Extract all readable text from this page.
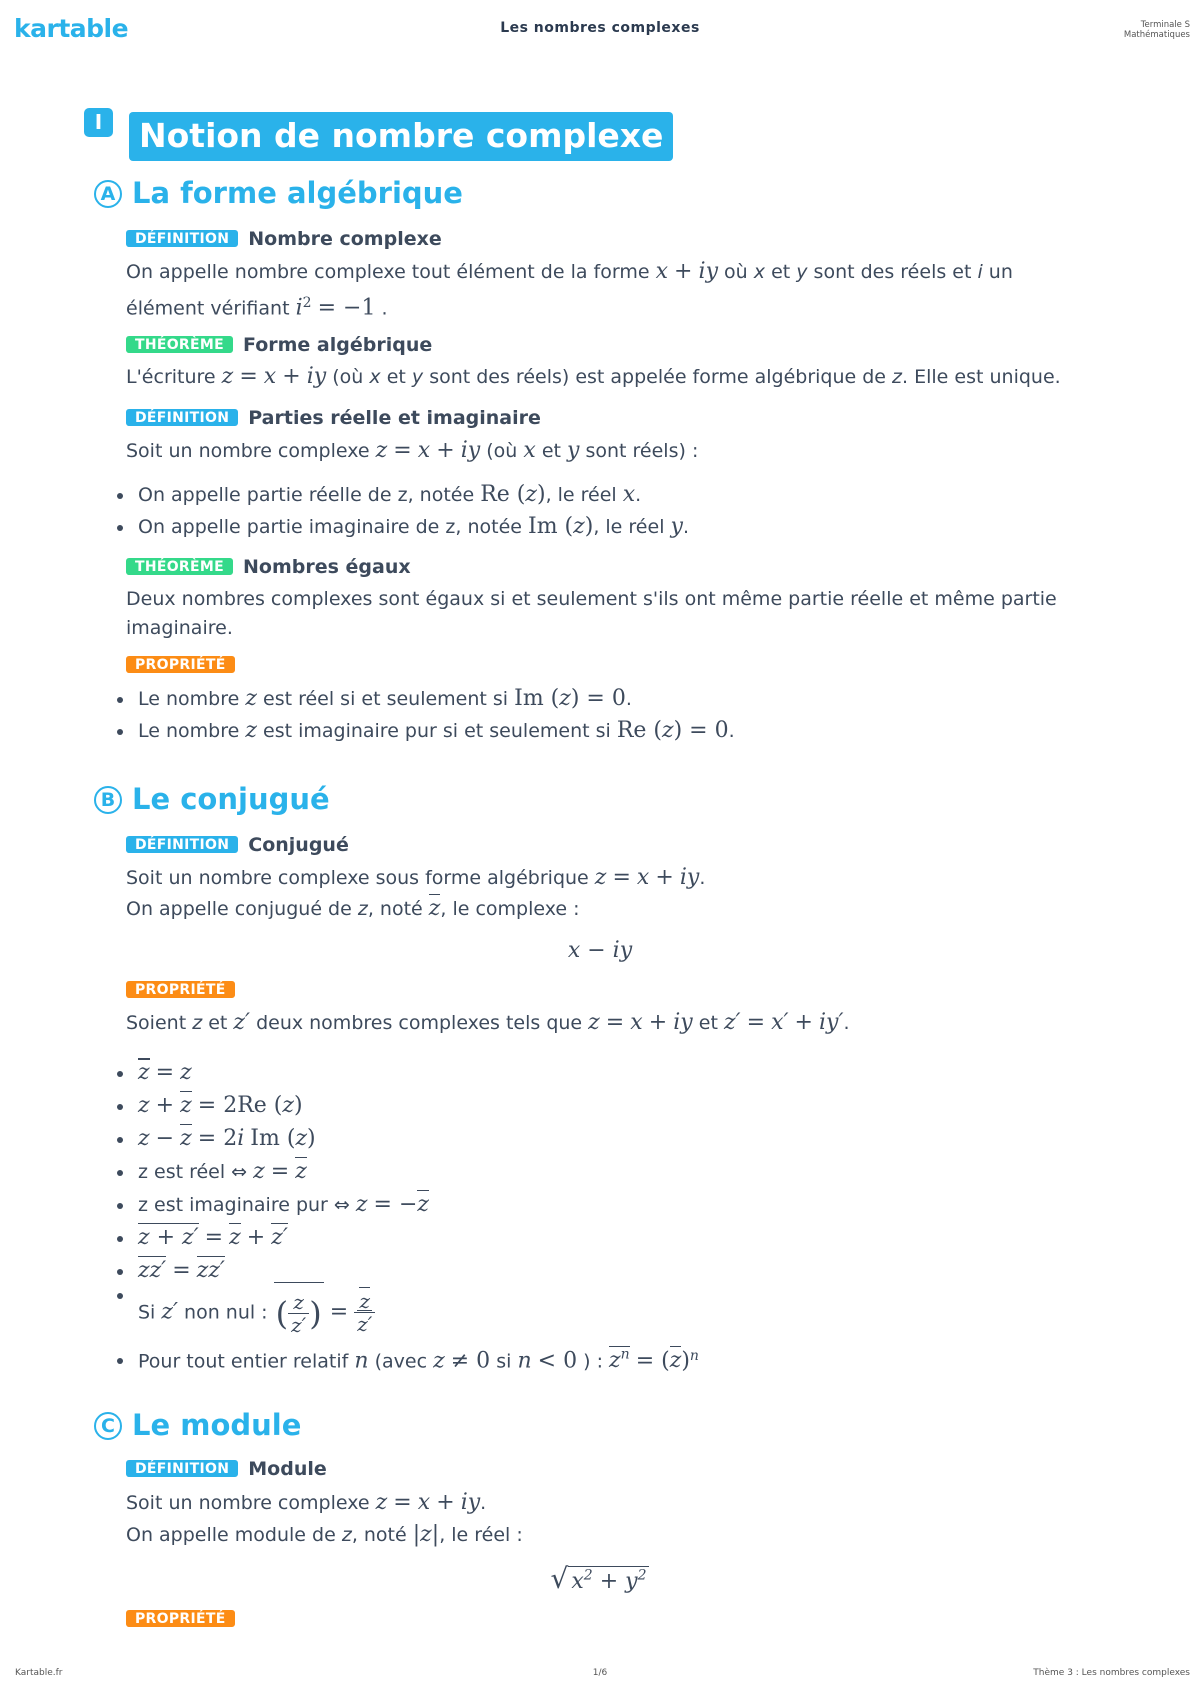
kartable	Les nombres complexes	Terminale S
Mathématiques
I	Notion de nombre complexe
A La forme algébrique
DÉFINITION Nombre complexe
On appelle nombre complexe tout élément de la forme x + iy où x et y sont des réels et i un
élément vérifiant $i^2 = -1$ .
THÉORÈME Forme algébrique
L'écriture z = x + iy (où x et y sont des réels) est appelée forme algébrique de z. Elle est unique.
DÉFINITION Parties réelle et imaginaire
Soit un nombre complexe z = x + iy (où x et y sont réels) :
On appelle partie réelle de z, notée Re (z), le réel x.
On appelle partie imaginaire de z, notée Im (z), le réel y.
THÉORÈME Nombres égaux
Deux nombres complexes sont égaux si et seulement s'ils ont même partie réelle et même partie
imaginaire.
PROPRIÉTÉ
Le nombre z est réel si et seulement si Im (z) = 0.
Le nombre z est imaginaire pur si et seulement si Re (z) = 0.
B Le conjugué
DÉFINITION Conjugué
Soit un nombre complexe sous forme algébrique z = x + iy.
On appelle conjugué de z, noté z, le complexe :
x − iy
PROPRIÉTÉ
Soient z et z′ deux nombres complexes tels que z = x + iy et z′ = x′ + iy′.
z = z
z + z = 2Re (z)
z − z = 2i Im (z)
z est réel ⇔ z = z
z est imaginaire pur ⇔ z = −z
z + z′ = z + z′
zz′ = zz′
Si z′ non nul : ( $\frac{z}{z'}$ ) = $\frac{z}{z'}$
Pour tout entier relatif n (avec z ≠ 0 si n < 0 ) : $z^n = (z)^n$
C Le module
DÉFINITION Module
Soit un nombre complexe z = x + iy.
On appelle module de z, noté |z|, le réel :
√ $x^2 + y^2$
PROPRIÉTÉ
Kartable.fr	1/6	Thème 3 : Les nombres complexes
